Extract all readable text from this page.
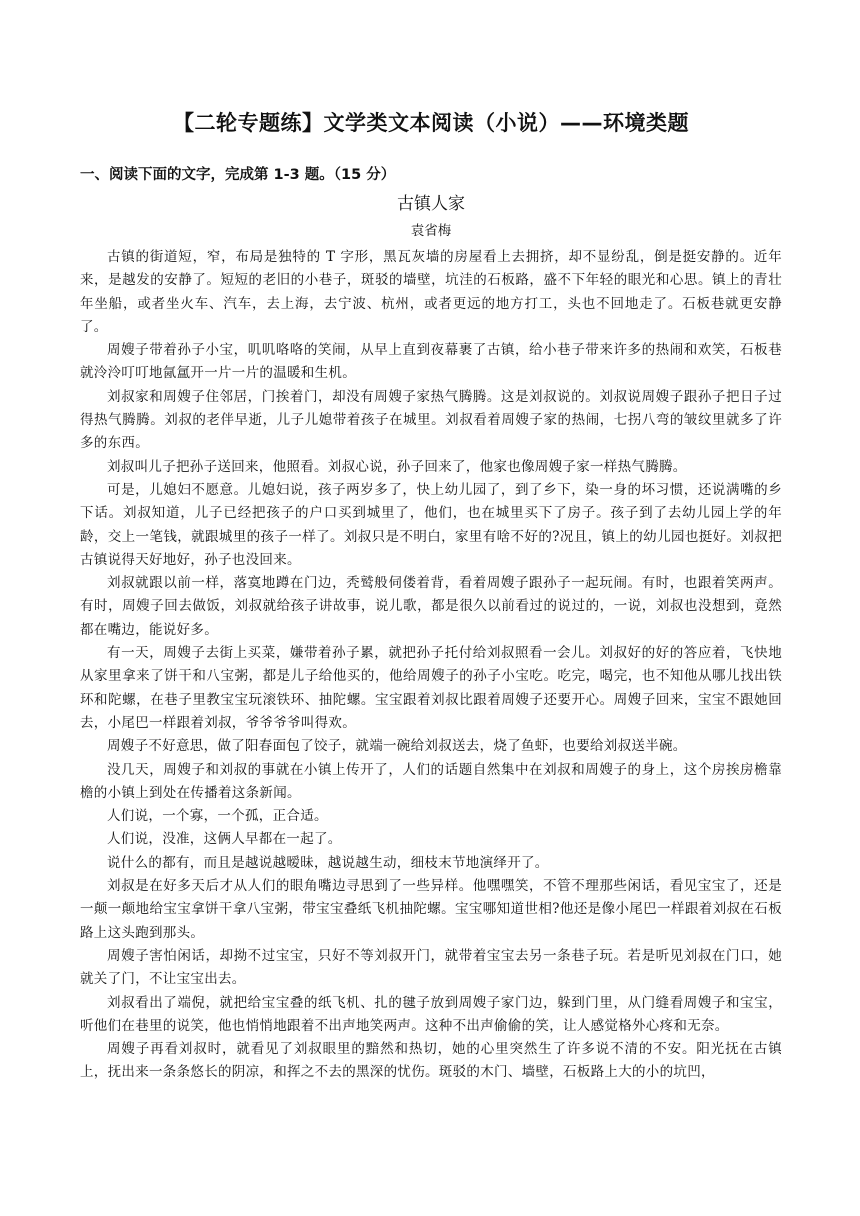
【二轮专题练】文学类文本阅读（小说）——环境类题
一、阅读下面的文字，完成第 1-3 题。（15 分）
古镇人家
袁省梅

古镇的街道短，窄，布局是独特的 T 字形，黑瓦灰墙的房屋看上去拥挤，却不显纷乱，倒是挺安静的。近年来，是越发的安静了。短短的老旧的小巷子，斑驳的墙壁，坑洼的石板路，盛不下年轻的眼光和心思。镇上的青壮年坐船，或者坐火车、汽车，去上海，去宁波、杭州，或者更远的地方打工，头也不回地走了。石板巷就更安静了。

周嫂子带着孙子小宝，叽叽咯咯的笑闹，从早上直到夜幕裹了古镇，给小巷子带来许多的热闹和欢笑，石板巷就泠泠叮叮地氤氲开一片一片的温暖和生机。

刘叔家和周嫂子住邻居，门挨着门，却没有周嫂子家热气腾腾。这是刘叔说的。刘叔说周嫂子跟孙子把日子过得热气腾腾。刘叔的老伴早逝，儿子儿媳带着孩子在城里。刘叔看着周嫂子家的热闹，七拐八弯的皱纹里就多了许多的东西。

刘叔叫儿子把孙子送回来，他照看。刘叔心说，孙子回来了，他家也像周嫂子家一样热气腾腾。

可是，儿媳妇不愿意。儿媳妇说，孩子两岁多了，快上幼儿园了，到了乡下，染一身的坏习惯，还说满嘴的乡下话。刘叔知道，儿子已经把孩子的户口买到城里了，他们，也在城里买下了房子。孩子到了去幼儿园上学的年龄，交上一笔钱，就跟城里的孩子一样了。刘叔只是不明白，家里有啥不好的?况且，镇上的幼儿园也挺好。刘叔把古镇说得天好地好，孙子也没回来。

刘叔就跟以前一样，落寞地蹲在门边，秃鹫般伺偻着背，看着周嫂子跟孙子一起玩闹。有时，也跟着笑两声。有时，周嫂子回去做饭，刘叔就给孩子讲故事，说儿歌，都是很久以前看过的说过的，一说，刘叔也没想到，竟然都在嘴边，能说好多。

有一天，周嫂子去街上买菜，嫌带着孙子累，就把孙子托付给刘叔照看一会儿。刘叔好的好的答应着，飞快地从家里拿来了饼干和八宝粥，都是儿子给他买的，他给周嫂子的孙子小宝吃。吃完，喝完，也不知他从哪儿找出铁环和陀螺，在巷子里教宝宝玩滚铁环、抽陀螺。宝宝跟着刘叔比跟着周嫂子还要开心。周嫂子回来，宝宝不跟她回去，小尾巴一样跟着刘叔，爷爷爷爷叫得欢。

周嫂子不好意思，做了阳春面包了饺子，就端一碗给刘叔送去，烧了鱼虾，也要给刘叔送半碗。

没几天，周嫂子和刘叔的事就在小镇上传开了，人们的话题自然集中在刘叔和周嫂子的身上，这个房挨房檐靠檐的小镇上到处在传播着这条新闻。

人们说，一个寡，一个孤，正合适。

人们说，没准，这俩人早都在一起了。

说什么的都有，而且是越说越暧昧，越说越生动，细枝末节地演绎开了。

刘叔是在好多天后才从人们的眼角嘴边寻思到了一些异样。他嘿嘿笑，不管不理那些闲话，看见宝宝了，还是一颠一颠地给宝宝拿饼干拿八宝粥，带宝宝叠纸飞机抽陀螺。宝宝哪知道世相?他还是像小尾巴一样跟着刘叔在石板路上这头跑到那头。

周嫂子害怕闲话，却拗不过宝宝，只好不等刘叔开门，就带着宝宝去另一条巷子玩。若是听见刘叔在门口，她就关了门，不让宝宝出去。

刘叔看出了端倪，就把给宝宝叠的纸飞机、扎的毽子放到周嫂子家门边，躲到门里，从门缝看周嫂子和宝宝，听他们在巷里的说笑，他也悄悄地跟着不出声地笑两声。这种不出声偷偷的笑，让人感觉格外心疼和无奈。

周嫂子再看刘叔时，就看见了刘叔眼里的黯然和热切，她的心里突然生了许多说不清的不安。阳光抚在古镇上，抚出来一条条悠长的阴凉，和挥之不去的黑深的忧伤。斑驳的木门、墙壁，石板路上大的小的坑凹，
